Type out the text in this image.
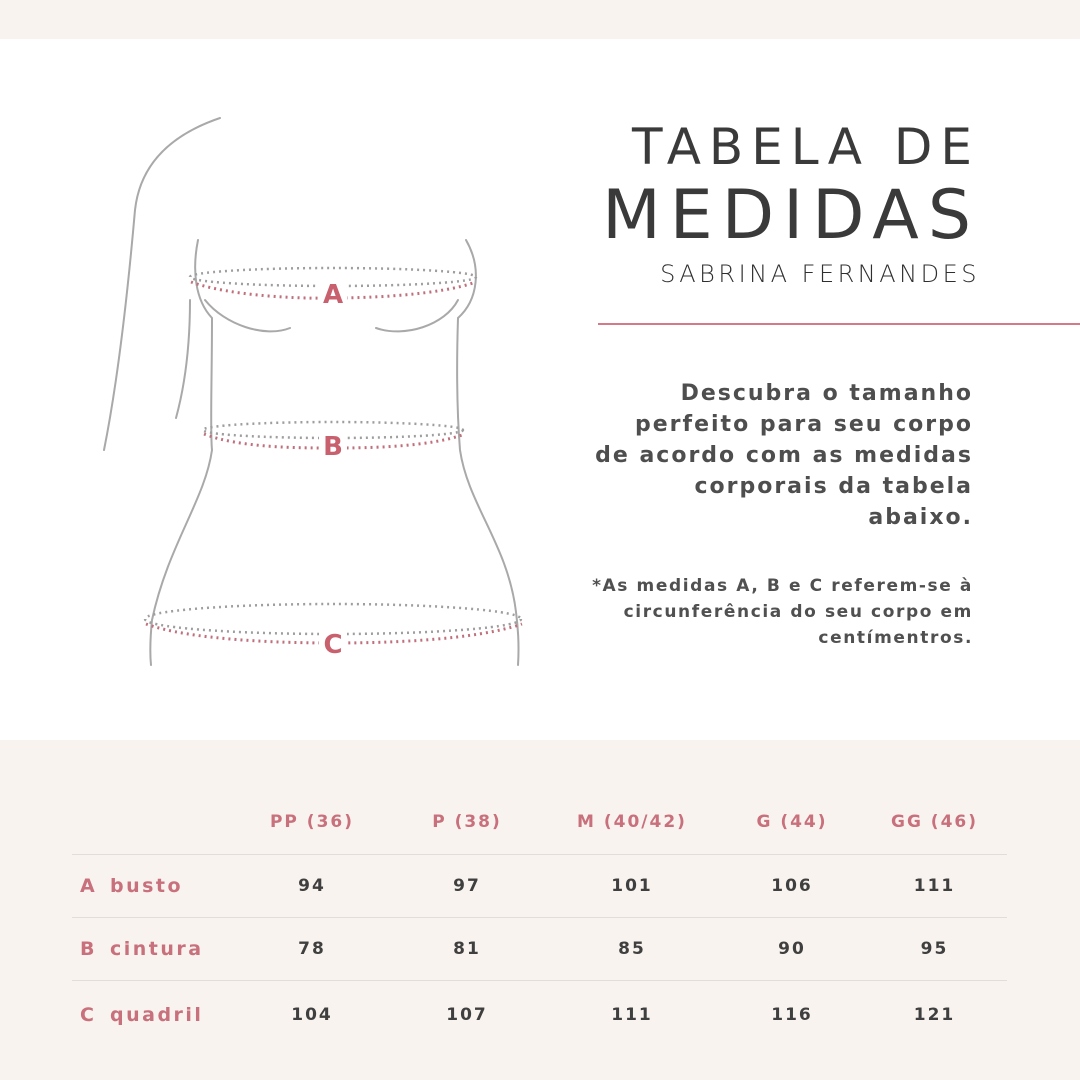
A
B
C
TABELA DE
MEDIDAS
SABRINA FERNANDES

Descubra o tamanho perfeito para seu corpo de acordo com as medidas corporais da tabela abaixo.

*As medidas A, B e C referem-se à circunferência do seu corpo em centímentros.

	PP (36)	P (38)	M (40/42)	G (44)	GG (46)
A busto	94	97	101	106	111
B cintura	78	81	85	90	95
C quadril	104	107	111	116	121
